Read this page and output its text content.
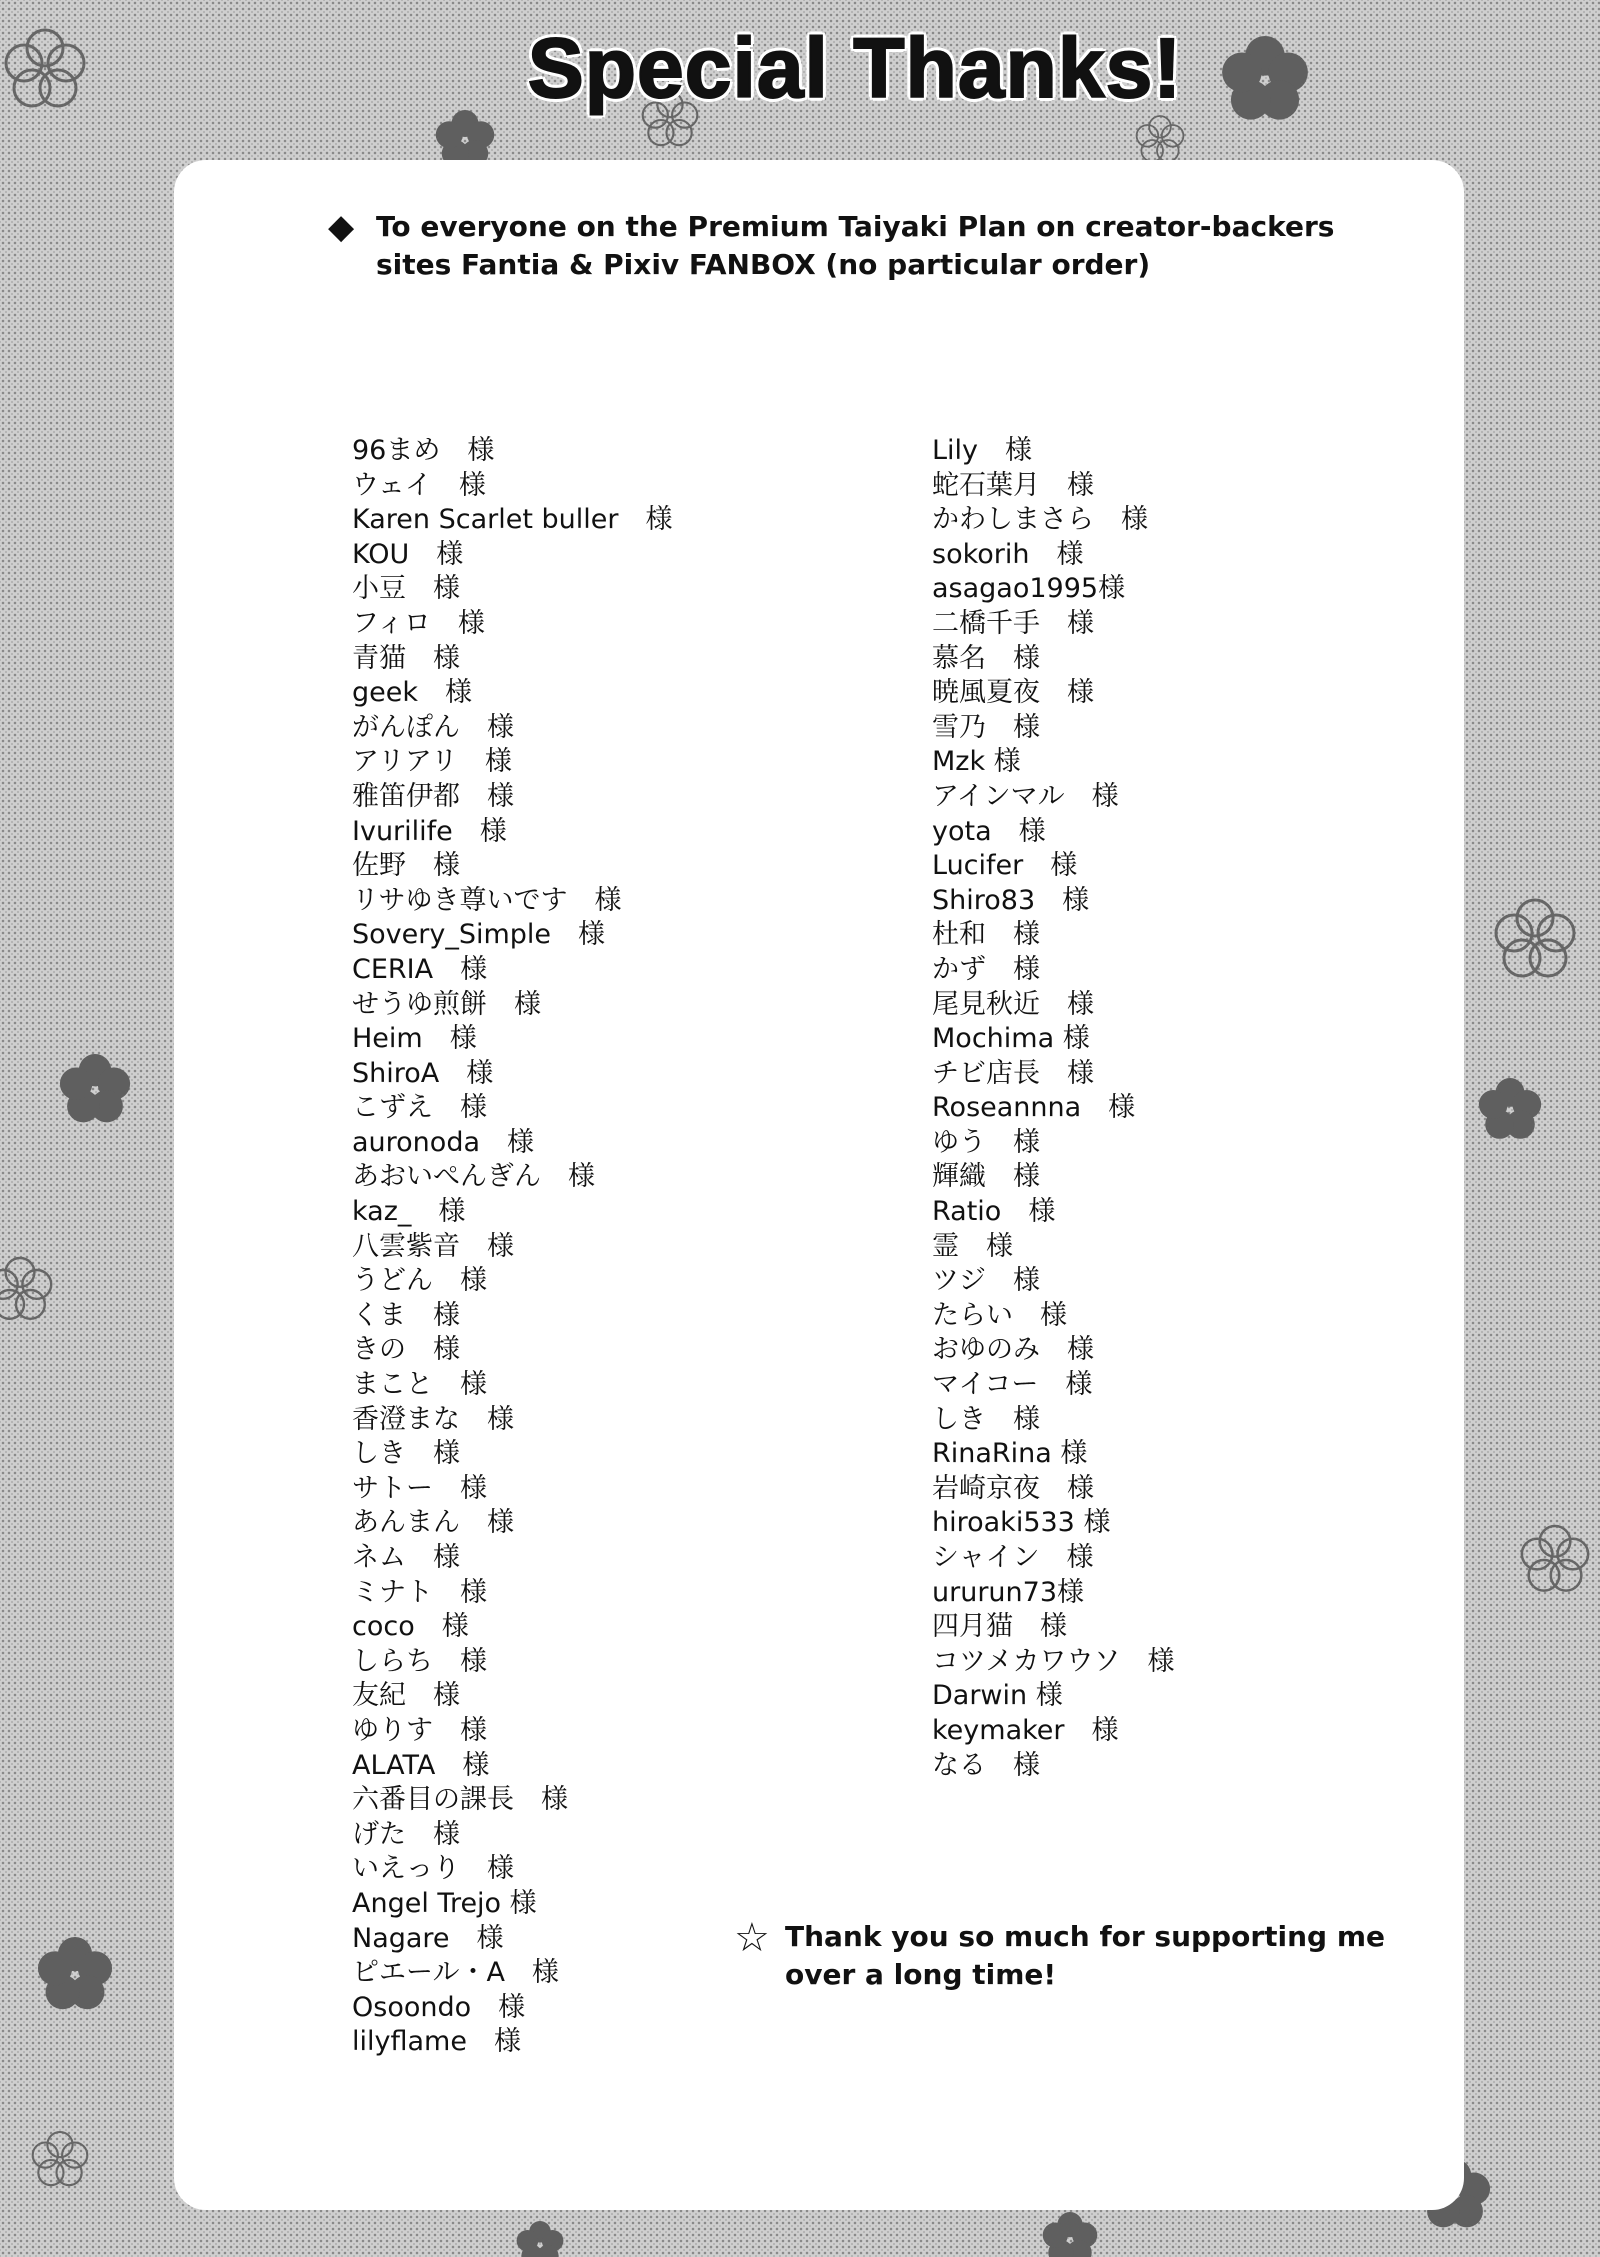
Special Thanks!
◆ To everyone on the Premium Taiyaki Plan on creator-backers sites Fantia & Pixiv FANBOX (no particular order)
96まめ　様
ウェイ　様
Karen Scarlet buller　様
KOU　様
小豆　様
フィロ　様
青猫　様
geek　様
がんぽん　様
アリアリ　様
雅笛伊都　様
Ivurilife　様
佐野　様
リサゆき尊いです　様
Sovery_Simple　様
CERIA　様
せうゆ煎餅　様
Heim　様
ShiroA　様
こずえ　様
auronoda　様
あおいぺんぎん　様
kaz_　様
八雲紫音　様
うどん　様
くま　様
きの　様
まこと　様
香澄まな　様
しき　様
サトー　様
あんまん　様
ネム　様
ミナト　様
coco　様
しらち　様
友紀　様
ゆりす　様
ALATA　様
六番目の課長　様
げた　様
いえっり　様
Angel Trejo 様
Nagare　様
ピエール・A　様
Osoondo　様
lilyflame　様
Lily　様
蛇石葉月　様
かわしまさら　様
sokorih　様
asagao1995様
二橋千手　様
慕名　様
暁風夏夜　様
雪乃　様
Mzk 様
アインマル　様
yota　様
Lucifer　様
Shiro83　様
杜和　様
かず　様
尾見秋近　様
Mochima 様
チビ店長　様
Roseannna　様
ゆう　様
輝織　様
Ratio　様
霊　様
ツジ　様
たらい　様
おゆのみ　様
マイコー　様
しき　様
RinaRina 様
岩崎京夜　様
hiroaki533 様
シャイン　様
ururun73様
四月猫　様
コツメカワウソ　様
Darwin 様
keymaker　様
なる　様
☆ Thank you so much for supporting me over a long time!
